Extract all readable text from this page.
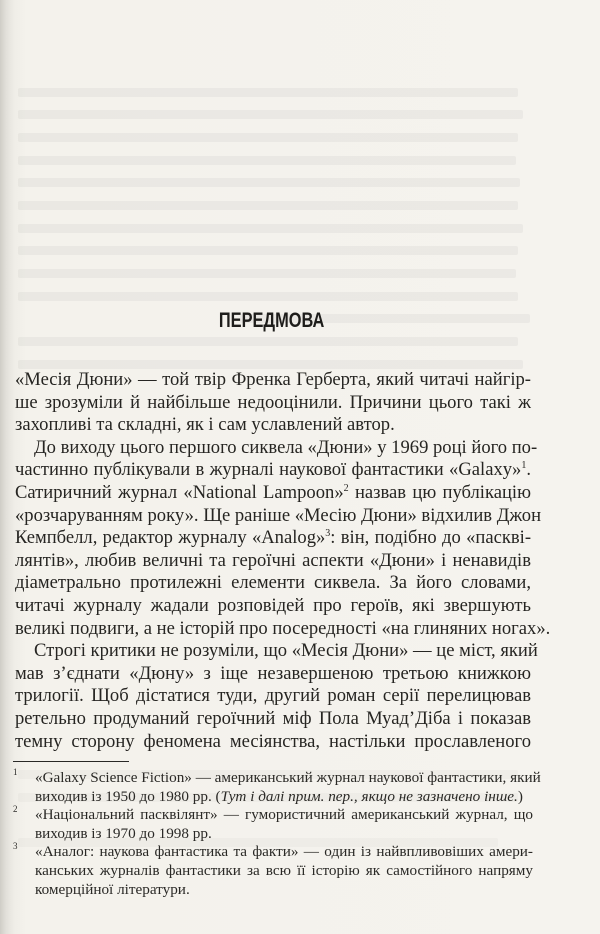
ПЕРЕДМОВА
«Месія Дюни» — той твір Френка Герберта, який читачі найгір-
ше зрозуміли й найбільше недооцінили. Причини цього такі ж
захопливі та складні, як і сам уславлений автор.
До виходу цього першого сиквела «Дюни» у 1969 році його по-
частинно публікували в журналі наукової фантастики «Galaxy»$^1$.
Сатиричний журнал «National Lampoon»$^2$ назвав цю публікацію
«розчаруванням року». Ще раніше «Месію Дюни» відхилив Джон
Кемпбелл, редактор журналу «Analog»$^3$: він, подібно до «пасквi-
лянтів», любив величні та героїчні аспекти «Дюни» і ненавидів
діаметрально протилежні елементи сиквела. За його словами,
читачі журналу жадали розповідей про героїв, які звершують
великі подвиги, а не історій про посередності «на глиняних ногах».
Строгі критики не розуміли, що «Месія Дюни» — це міст, який
мав з’єднати «Дюну» з іще незавершеною третьою книжкою
трилогії. Щоб дістатися туди, другий роман серії перелицював
ретельно продуманий героїчний міф Пола Муад’Діба і показав
темну сторону феномена месіянства, настільки прославленого
1 «Galaxy Science Fiction» — американський журнал наукової фантастики, який
виходив із 1950 до 1980 рр. (Тут і далі прим. пер., якщо не зазначено інше.)
2 «Національний пасквілянт» — гумористичний американський журнал, що
виходив із 1970 до 1998 рр.
3 «Аналог: наукова фантастика та факти» — один із найвпливовіших амери-
канських журналів фантастики за всю її історію як самостійного напряму
комерційної літератури.
